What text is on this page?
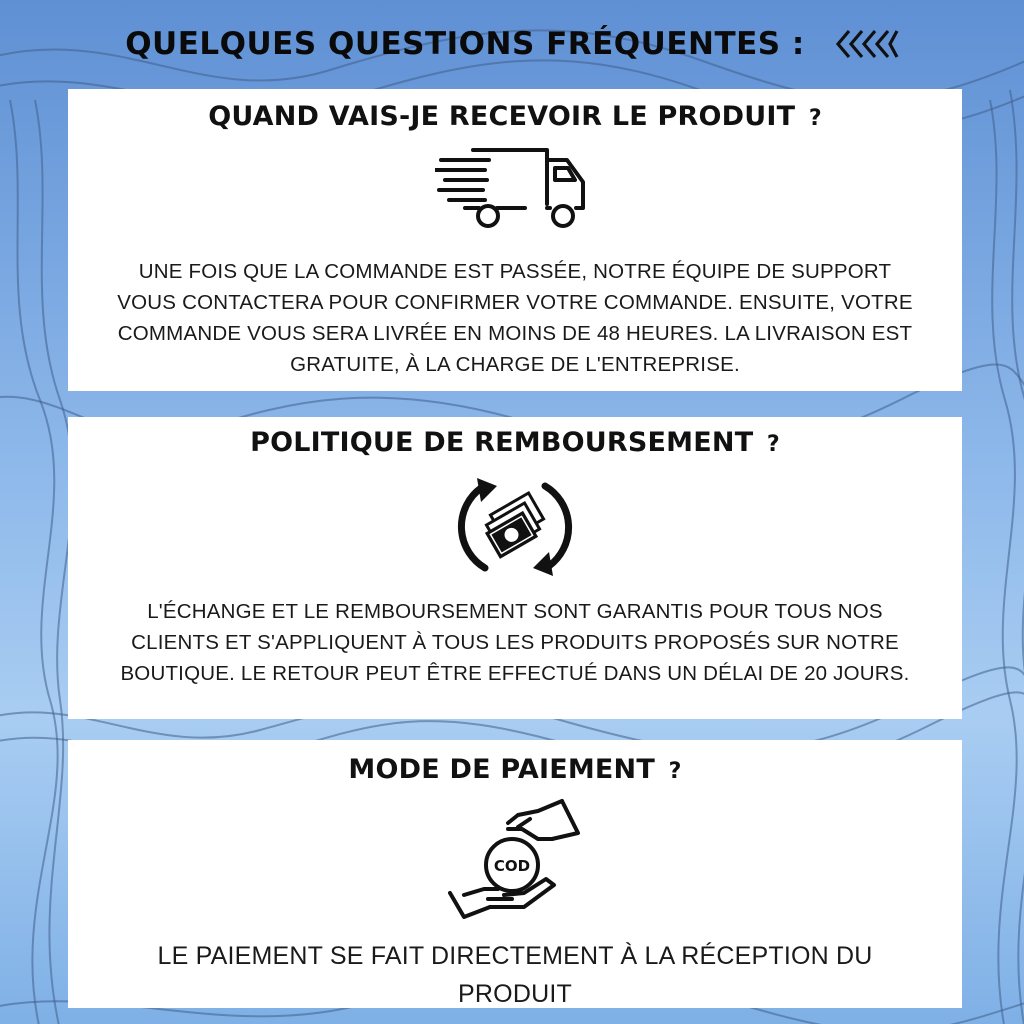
QUELQUES QUESTIONS FRÉQUENTES :
QUAND VAIS-JE RECEVOIR LE PRODUIT ?
UNE FOIS QUE LA COMMANDE EST PASSÉE, NOTRE ÉQUIPE DE SUPPORT VOUS CONTACTERA POUR CONFIRMER VOTRE COMMANDE. ENSUITE, VOTRE COMMANDE VOUS SERA LIVRÉE EN MOINS DE 48 HEURES. LA LIVRAISON EST GRATUITE, À LA CHARGE DE L'ENTREPRISE.
POLITIQUE DE REMBOURSEMENT ?
L'ÉCHANGE ET LE REMBOURSEMENT SONT GARANTIS POUR TOUS NOS CLIENTS ET S'APPLIQUENT À TOUS LES PRODUITS PROPOSÉS SUR NOTRE BOUTIQUE. LE RETOUR PEUT ÊTRE EFFECTUÉ DANS UN DÉLAI DE 20 JOURS.
MODE DE PAIEMENT ?
COD
LE PAIEMENT SE FAIT DIRECTEMENT À LA RÉCEPTION DU PRODUIT
